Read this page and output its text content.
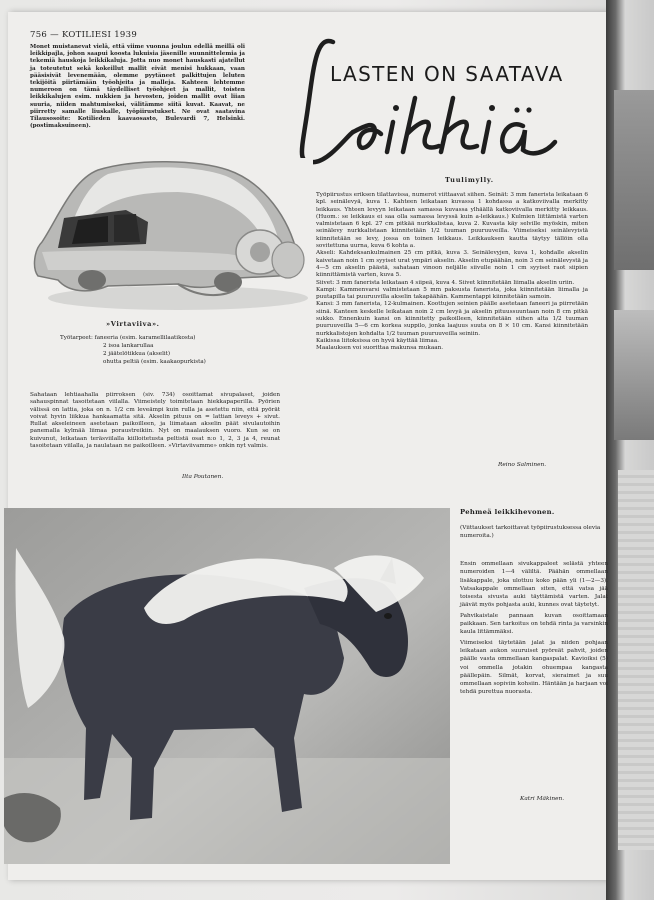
756 — KOTILIESI 1939

Monet muistanevat vielä, että viime vuonna joulun edellä meillä oli leikkipajla, johon saapui koosta lukuisia jäsenille suunnittelemia ja tekemiä hauskoja leikkikaluja. Jotta nuo monet hauskasti ajatellut ja toteutetut sekä kokeillut mallit eivät menisi hukkaan, vaan pääsisivät levenemään, olemme pyytäneet palkittujen leluten tekijöitä piirtämään työohjeita ja malleja. Kahteen lehtemme numeroon on tämä täydelliset työohjeet ja mallit, toisten leikkikalujen esim. nukkien ja hevosten, joiden mallit ovat liian suuria, niiden mahtumiseksi, välitämme siitä kuvat. Kaavat, ne piirretty samalle liuskalle, työpiirustukset. Ne ovat saatavina Tilausosoite: Kotilieden kaavaosasto, Bulevardi 7, Helsinki. (postimaksuineen).

LASTEN ON SAATAVA
Tuulimylly.
»Virtaviiva».
Työtarpeet: faneeria (esim. karamellilaatikosta)
2 isoa lankarullaa
2 jäätelötikkua (akselit)
ohutta peltiä (esim. kaakaopurkista)

Sahataan lehtiaahalla piirroksen (siv. 734) osoittamat sivupalaset, joiden sahauspinnat tasoitetaan viilalla. Viimeistely toimitetaan hiekkapaperilla. Pyörien välissä on lattia, joka on n. 1/2 cm leveämpi kuin rulla ja asetettu niin, että pyörät voivat hyvin liikkua hankaamatta sitä. Akselin pituus on = lattian leveys + sivut. Rullat akseleineen asetetaan paikoilleen, ja liimataan akselin päät sivulautoihin panemalla kylmää liimaa poraustreikiin. Nyt on maalauksen vuoro. Kun se on kuivunut, leikataan teräsviilalla kiilloitetusta peltistä osat n:o 1, 2, 3 ja 4, reunat tasoitetaan viilalla, ja naulataan ne paikoilleen. »Virtaviivamme» onkin nyt valmis.

Ilta Poutanen.

Työpiirustus eriksen tilattavissa, numerot viittaavat siihen. Seinät: 3 mm fanerista leikataan 6 kpl. seinälevyä, kuva 1. Kahteen leikataan kuvassa 1 kohdassa a katkoviivalla merkitty leikkaus. Yhteen levyyn leikataan samassa kuvassa ylhäällä katkoviivalla merkitty leikkaus. (Huom.: se leikkaus ei saa olla samassa levyssä kuin a-leikkaus.) Kulmien liittämistä varten valmistetaan 6 kpl. 27 cm pitkää nurkkalistaa, kuva 2. Kuvasta käy selville myöskin, miten seinälevy nurkkalistaan kiinnitetään 1/2 tuuman puuruuveilla. Viimeiseksi seinälevyistä kiinnitetään se levy, jossa on toinen leikkaus. Leikkauksen kautta täytyy tällöin olla sovitettuna uurna, kuva 6 kohta a.

Akseli: Kahdeksankulmainen 25 cm pitkä, kuva 3. Seinälevyjen, kuva 1, kohdalle akselin kaivetaan noin 1 cm syyiset urat ympäri akselin. Akselin etupäähän, noin 3 cm seinälevystä ja 4—5 cm akselin päästä, sahataan vinoon neljälle siivulle noin 1 cm syyiset raot siipien kiinnittämistä varten, kuva 5.

Siivet: 3 mm fanerista leikataan 4 siipeä, kuva 4. Siivet kiinnitetään liimalla akselin uriin.

Kampi: Kammenvarsi valmistetaan 5 mm paksusta fanerista, joka kiinnitetään liimalla ja puutapilla tai puuruuvilla akselin takapäähän. Kammentappi kiinnitetään samoin.

Kansi: 3 mm fanerista, 12-kulmainen. Koottujen seinien päälle asetetaan faneeri ja piirretään siinä. Kanteen keskelle leikataan noin 2 cm levyä ja akselin pituussuuntaan noin 8 cm pitkä sukko. Ennenkuin kansi on kiinnitetty paikoilleen, kiinnitetään siihen alta 1/2 tuuman puuruuveilla 5—6 cm korkea suppilo, jonka laajuus suuta on 8 × 10 cm. Kansi kiinnitetään nurkkalistojen kohdalta 1/2 tuuman puuruuveilla seiniin.

Kaikissa liitoksissa on hyvä käyttää liimaa.

Maalauksen voi suorittaa makunsa mukaan.

Reino Salminen.
Pehmeä leikkihevonen.
(Viittaukset tarkoittavat työpiirustuksessa olevia numeroita.)

Ensin ommellaan sivukappaleet selästä yhteen numeroiden 1—4 väliltä. Päähän ommellaan lisäkappale, joka ulottuu koko pään yli (1—2—3). Vatsakappale ommellaan siten, että vatsa jää toisesta sivusta auki täyttämistä varten. Jalat jäävät myös pohjasta auki, kunnes ovat täytetyt.

Pahvikaistale pannaan kuvan osoittamaan paikkaan. Sen tarkoitus on tehdä rinta ja varsinkin kaula littämmäksi.

Viimeiseksi täytetään jalat ja niiden pohjaan leikataan aukon suuruiset pyöreät pahvit, joiden päälle vasta ommellaan kangaspalat. Kavioiksi (5) voi ommella jotakin ohuempaa kangasta päällepäin. Silmät, korvat, sieraimet ja suu ommellaan sopiviin kohsiin. Häntään ja harjaan voi tehdä purettua nuorasta.

Katri Mäkinen.
